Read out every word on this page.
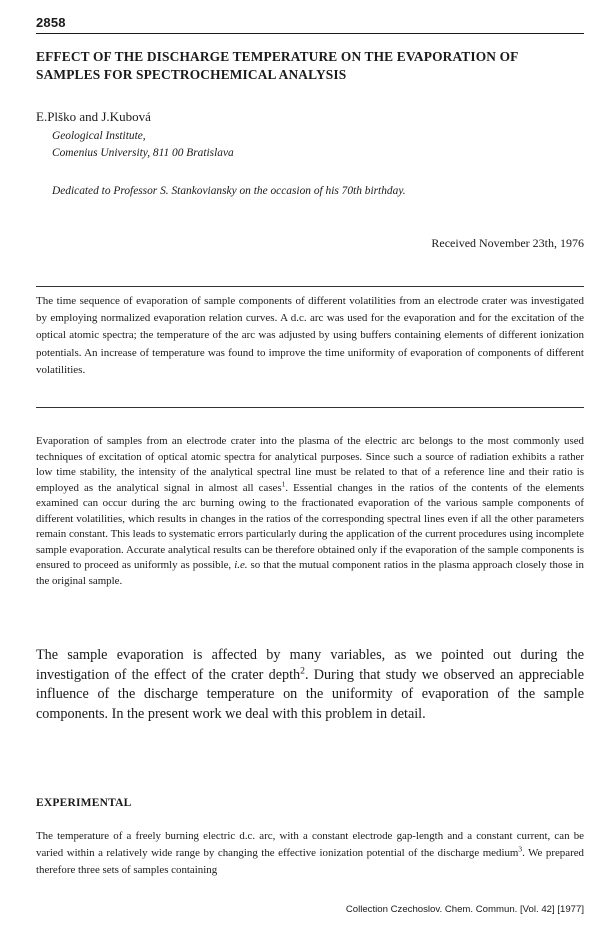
2858
EFFECT OF THE DISCHARGE TEMPERATURE ON THE EVAPORATION OF SAMPLES FOR SPECTROCHEMICAL ANALYSIS
E.Plško and J.Kubová
Geological Institute,
Comenius University, 811 00 Bratislava
Dedicated to Professor S. Stankoviansky on the occasion of his 70th birthday.
Received November 23th, 1976

The time sequence of evaporation of sample components of different volatilities from an electrode crater was investigated by employing normalized evaporation relation curves. A d.c. arc was used for the evaporation and for the excitation of the optical atomic spectra; the temperature of the arc was adjusted by using buffers containing elements of different ionization potentials. An increase of temperature was found to improve the time uniformity of evaporation of components of different volatilities.

Evaporation of samples from an electrode crater into the plasma of the electric arc belongs to the most commonly used techniques of excitation of optical atomic spectra for analytical purposes. Since such a source of radiation exhibits a rather low time stability, the intensity of the analytical spectral line must be related to that of a reference line and their ratio is employed as the analytical signal in almost all cases$^1$. Essential changes in the ratios of the contents of the elements examined can occur during the arc burning owing to the fractionated evaporation of the various sample components of different volatilities, which results in changes in the ratios of the corresponding spectral lines even if all the other parameters remain constant. This leads to systematic errors particularly during the application of the current procedures using incomplete sample evaporation. Accurate analytical results can be therefore obtained only if the evaporation of the sample components is ensured to proceed as uniformly as possible, i.e. so that the mutual component ratios in the plasma approach closely those in the original sample.

The sample evaporation is affected by many variables, as we pointed out during the investigation of the effect of the crater depth$^2$. During that study we observed an appreciable influence of the discharge temperature on the uniformity of evaporation of the sample components. In the present work we deal with this problem in detail.

EXPERIMENTAL

The temperature of a freely burning electric d.c. arc, with a constant electrode gap-length and a constant current, can be varied within a relatively wide range by changing the effective ionization potential of the discharge medium$^3$. We prepared therefore three sets of samples containing

Collection Czechoslov. Chem. Commun. [Vol. 42] [1977]
